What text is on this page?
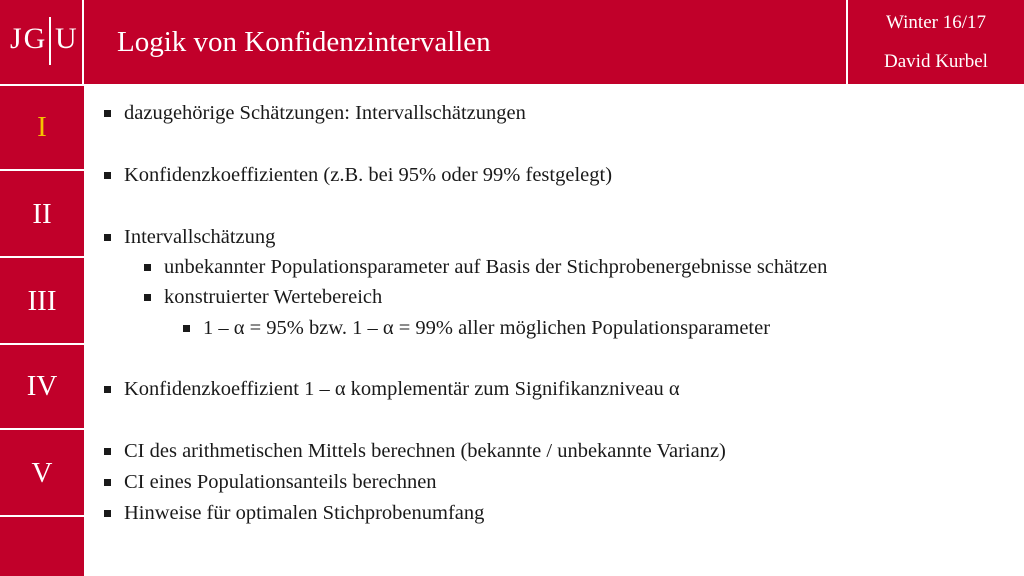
JG U Logik von Konfidenzintervallen
Winter 16/17
David Kurbel
I
II
III
IV
V
dazugehörige Schätzungen: Intervallschätzungen
Konfidenzkoeffizienten (z.B. bei 95% oder 99% festgelegt)
Intervallschätzung
unbekannter Populationsparameter auf Basis der Stichprobenergebnisse schätzen
konstruierter Wertebereich
1 – α = 95% bzw. 1 – α = 99% aller möglichen Populationsparameter
Konfidenzkoeffizient 1 – α komplementär zum Signifikanzniveau α
CI des arithmetischen Mittels berechnen (bekannte / unbekannte Varianz)
CI eines Populationsanteils berechnen
Hinweise für optimalen Stichprobenumfang
